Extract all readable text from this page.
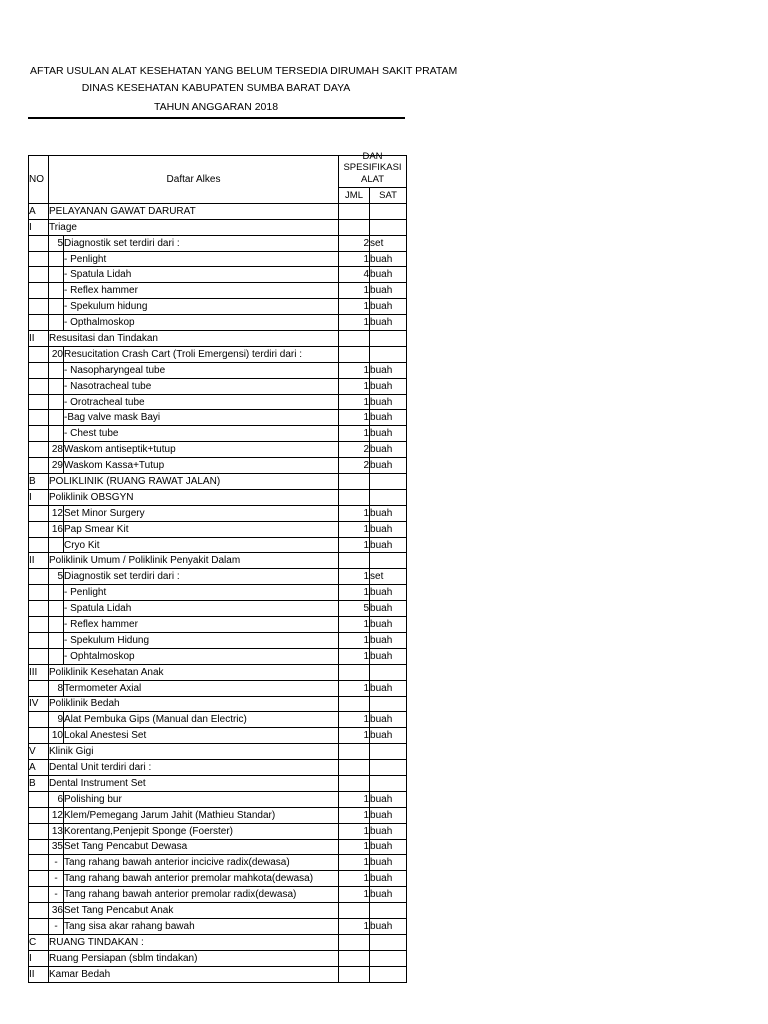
AFTAR USULAN ALAT KESEHATAN YANG BELUM TERSEDIA DIRUMAH SAKIT PRATAM
DINAS KESEHATAN KABUPATEN SUMBA BARAT DAYA
TAHUN ANGGARAN 2018
NO	Daftar Alkes		DAN
SPESIFIKASI
ALAT	

			JML	SAT
A	PELAYANAN GAWAT DARURAT			
I	Triage			
	5	Diagnostik set terdiri dari :	2	set
		- Penlight	1	buah
		- Spatula Lidah	4	buah
		- Reflex hammer	1	buah
		- Spekulum hidung	1	buah
		- Opthalmoskop	1	buah
II	Resusitasi dan Tindakan			
	20	Resucitation Crash Cart (Troli Emergensi) terdiri dari :		
		- Nasopharyngeal tube	1	buah
		- Nasotracheal tube	1	buah
		- Orotracheal tube	1	buah
		-Bag valve mask Bayi	1	buah
		- Chest tube	1	buah
	28	Waskom antiseptik+tutup	2	buah
	29	Waskom Kassa+Tutup	2	buah
B	POLIKLINIK (RUANG RAWAT JALAN)			
I	Poliklinik OBSGYN			
	12	Set Minor Surgery	1	buah
	16	Pap Smear Kit	1	buah
		Cryo Kit	1	buah
II	Poliklinik Umum / Poliklinik Penyakit Dalam			
	5	Diagnostik set terdiri dari :	1	set
		- Penlight	1	buah
		- Spatula Lidah	5	buah
		- Reflex hammer	1	buah
		- Spekulum Hidung	1	buah
		- Ophtalmoskop	1	buah
III	Poliklinik Kesehatan Anak			
	8	Termometer Axial	1	buah
IV	Poliklinik Bedah			
	9	Alat Pembuka Gips (Manual dan Electric)	1	buah
	10	Lokal Anestesi Set	1	buah
V	Klinik Gigi			
A	Dental Unit terdiri dari :			
B	Dental Instrument Set			
	6	Polishing bur	1	buah
	12	Klem/Pemegang Jarum Jahit (Mathieu Standar)	1	buah
	13	Korentang,Penjepit Sponge (Foerster)	1	buah
	35	Set Tang Pencabut Dewasa	1	buah
	-	Tang rahang bawah anterior incicive radix(dewasa)	1	buah
	-	Tang rahang bawah anterior premolar mahkota(dewasa)	1	buah
	-	Tang rahang bawah anterior premolar radix(dewasa)	1	buah
	36	Set Tang Pencabut Anak		
	-	Tang sisa akar rahang bawah	1	buah
C	RUANG TINDAKAN :			
I	Ruang Persiapan (sblm tindakan)			
II	Kamar Bedah			
